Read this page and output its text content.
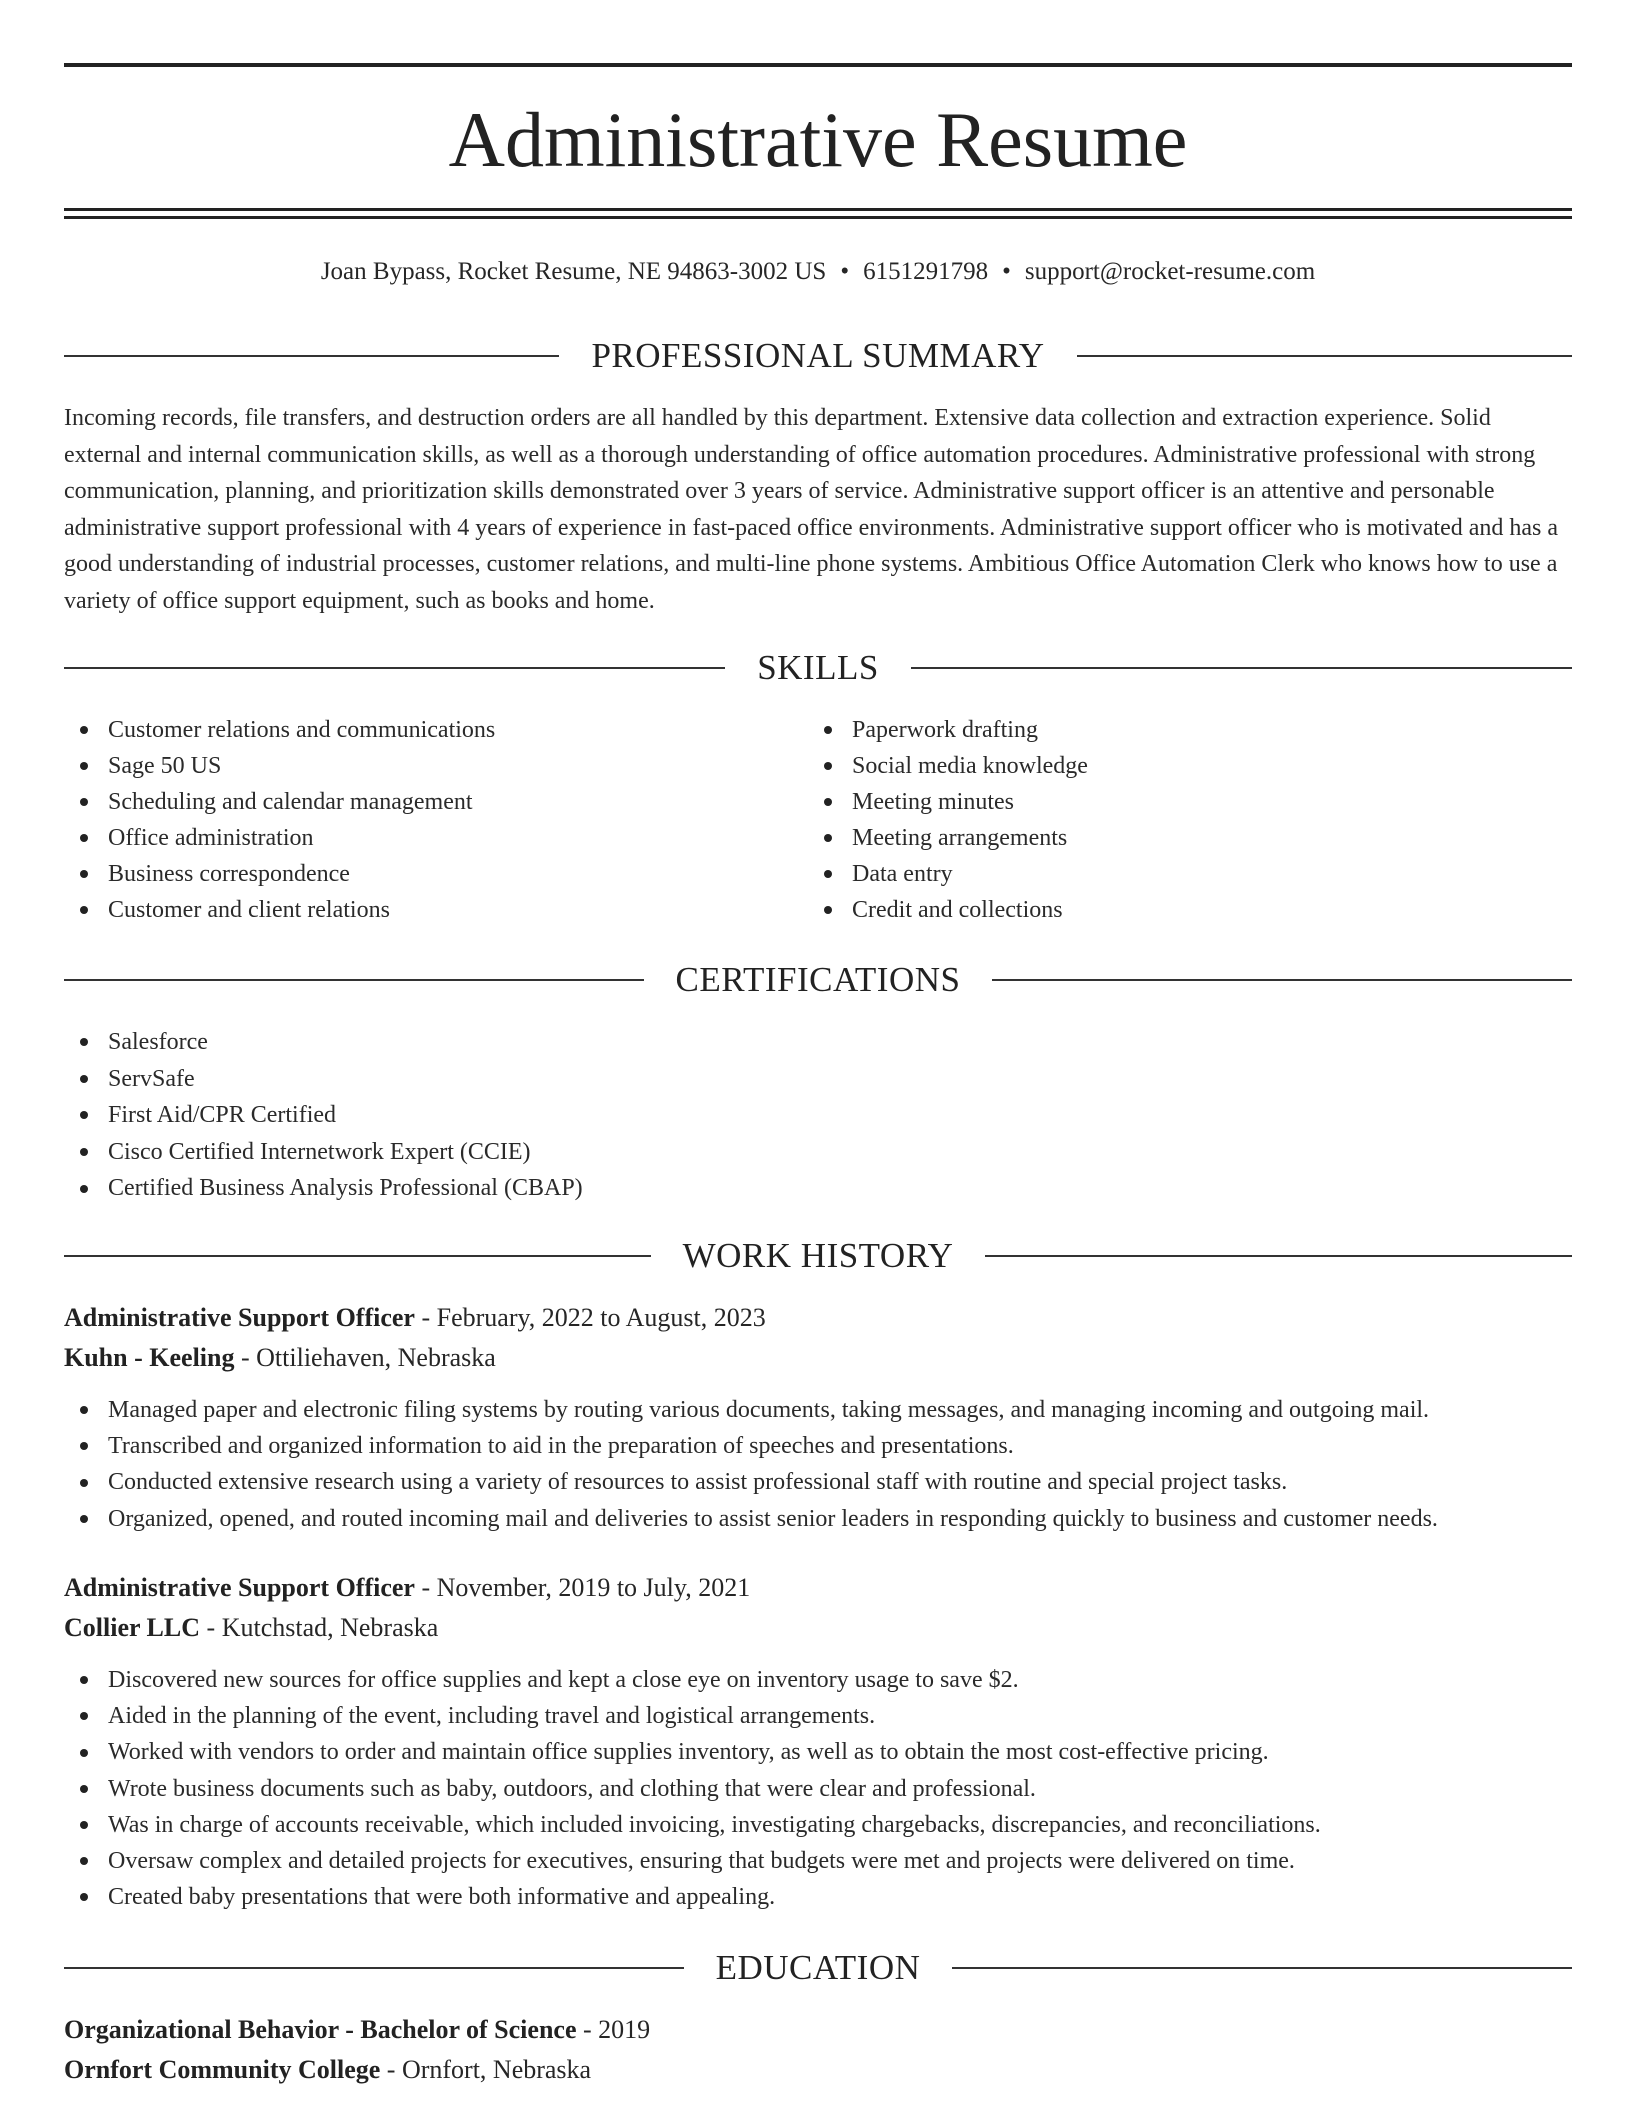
Administrative Resume
Joan Bypass, Rocket Resume, NE 94863-3002 US • 6151291798 • support@rocket-resume.com
PROFESSIONAL SUMMARY

Incoming records, file transfers, and destruction orders are all handled by this department. Extensive data collection and extraction experience. Solid external and internal communication skills, as well as a thorough understanding of office automation procedures. Administrative professional with strong communication, planning, and prioritization skills demonstrated over 3 years of service. Administrative support officer is an attentive and personable administrative support professional with 4 years of experience in fast-paced office environments. Administrative support officer who is motivated and has a good understanding of industrial processes, customer relations, and multi-line phone systems. Ambitious Office Automation Clerk who knows how to use a variety of office support equipment, such as books and home.

SKILLS
Customer relations and communications
Sage 50 US
Scheduling and calendar management
Office administration
Business correspondence
Customer and client relations
Paperwork drafting
Social media knowledge
Meeting minutes
Meeting arrangements
Data entry
Credit and collections
CERTIFICATIONS
Salesforce
ServSafe
First Aid/CPR Certified
Cisco Certified Internetwork Expert (CCIE)
Certified Business Analysis Professional (CBAP)
WORK HISTORY
Administrative Support Officer - February, 2022 to August, 2023
Kuhn - Keeling - Ottiliehaven, Nebraska
Managed paper and electronic filing systems by routing various documents, taking messages, and managing incoming and outgoing mail.
Transcribed and organized information to aid in the preparation of speeches and presentations.
Conducted extensive research using a variety of resources to assist professional staff with routine and special project tasks.
Organized, opened, and routed incoming mail and deliveries to assist senior leaders in responding quickly to business and customer needs.
Administrative Support Officer - November, 2019 to July, 2021
Collier LLC - Kutchstad, Nebraska
Discovered new sources for office supplies and kept a close eye on inventory usage to save $2.
Aided in the planning of the event, including travel and logistical arrangements.
Worked with vendors to order and maintain office supplies inventory, as well as to obtain the most cost-effective pricing.
Wrote business documents such as baby, outdoors, and clothing that were clear and professional.
Was in charge of accounts receivable, which included invoicing, investigating chargebacks, discrepancies, and reconciliations.
Oversaw complex and detailed projects for executives, ensuring that budgets were met and projects were delivered on time.
Created baby presentations that were both informative and appealing.
EDUCATION
Organizational Behavior - Bachelor of Science - 2019
Ornfort Community College - Ornfort, Nebraska
